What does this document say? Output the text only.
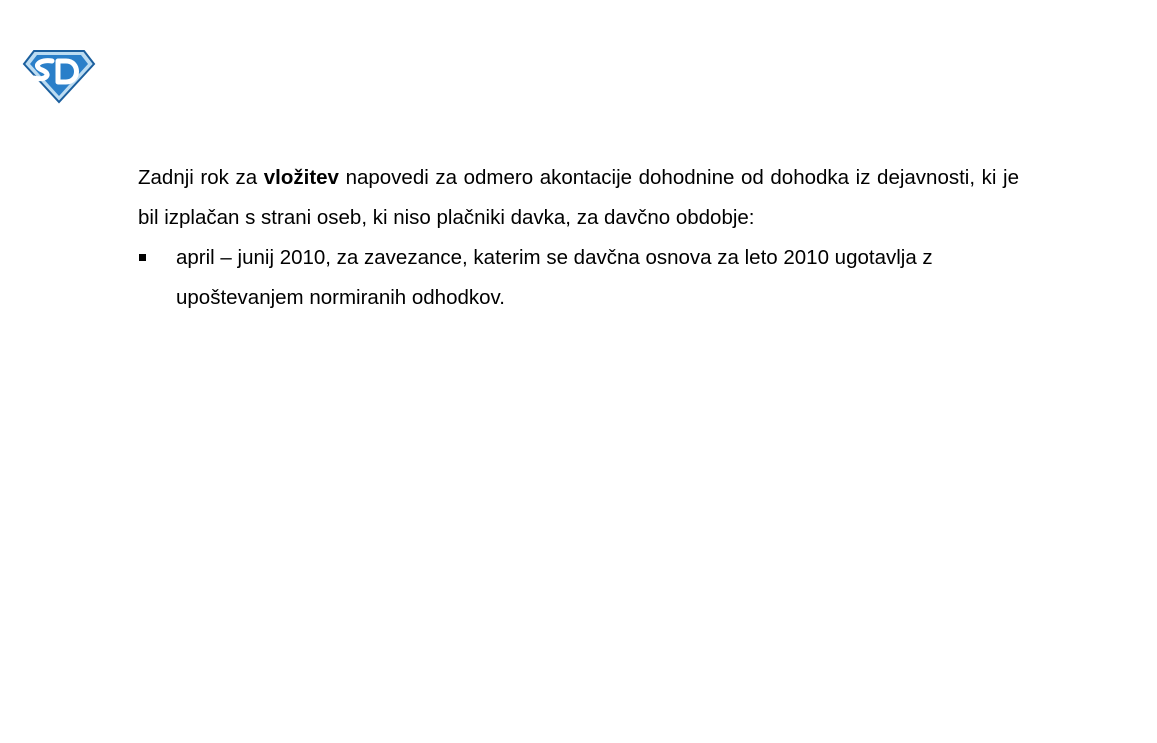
Zadnji rok za vložitev napovedi za odmero akontacije dohodnine od dohodka iz dejavnosti, ki je bil izplačan s strani oseb, ki niso plačniki davka, za davčno obdobje:

april – junij 2010, za zavezance, katerim se davčna osnova za leto 2010 ugotavlja z upoštevanjem normiranih odhodkov.
